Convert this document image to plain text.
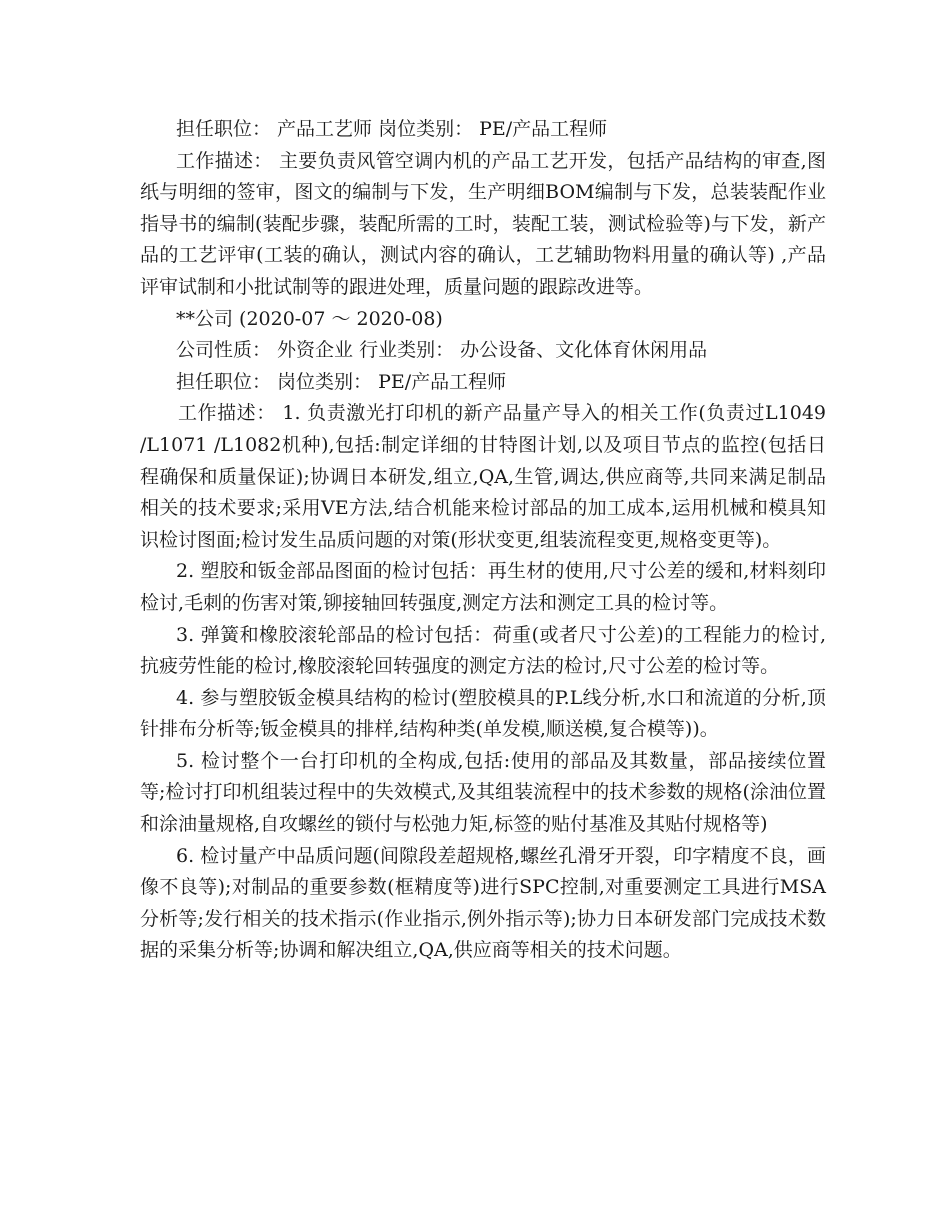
担任职位： 产品工艺师 岗位类别： PE/产品工程师

工作描述： 主要负责风管空调内机的产品工艺开发，包括产品结构的审查,图纸与明细的签审，图文的编制与下发，生产明细BOM编制与下发，总装装配作业指导书的编制(装配步骤，装配所需的工时，装配工装，测试检验等)与下发，新产品的工艺评审(工装的确认，测试内容的确认，工艺辅助物料用量的确认等) ,产品评审试制和小批试制等的跟进处理，质量问题的跟踪改进等。

**公司 (2020-07 ～ 2020-08)

公司性质： 外资企业 行业类别： 办公设备、文化体育休闲用品

担任职位： 岗位类别： PE/产品工程师

工作描述： 1. 负责激光打印机的新产品量产导入的相关工作(负责过L1049 /L1071 /L1082机种),包括:制定详细的甘特图计划,以及项目节点的监控(包括日程确保和质量保证);协调日本研发,组立,QA,生管,调达,供应商等,共同来满足制品相关的技术要求;采用VE方法,结合机能来检讨部品的加工成本,运用机械和模具知识检讨图面;检讨发生品质问题的对策(形状变更,组装流程变更,规格变更等)。

2. 塑胶和钣金部品图面的检讨包括：再生材的使用,尺寸公差的缓和,材料刻印检讨,毛刺的伤害对策,铆接轴回转强度,测定方法和测定工具的检讨等。

3. 弹簧和橡胶滚轮部品的检讨包括：荷重(或者尺寸公差)的工程能力的检讨,抗疲劳性能的检讨,橡胶滚轮回转强度的测定方法的检讨,尺寸公差的检讨等。

4. 参与塑胶钣金模具结构的检讨(塑胶模具的P.L线分析,水口和流道的分析,顶针排布分析等;钣金模具的排样,结构种类(单发模,顺送模,复合模等))。

5. 检讨整个一台打印机的全构成,包括:使用的部品及其数量，部品接续位置等;检讨打印机组装过程中的失效模式,及其组装流程中的技术参数的规格(涂油位置和涂油量规格,自攻螺丝的锁付与松弛力矩,标签的贴付基准及其贴付规格等)

6. 检讨量产中品质问题(间隙段差超规格,螺丝孔滑牙开裂，印字精度不良，画像不良等);对制品的重要参数(框精度等)进行SPC控制,对重要测定工具进行MSA分析等;发行相关的技术指示(作业指示,例外指示等);协力日本研发部门完成技术数据的采集分析等;协调和解决组立,QA,供应商等相关的技术问题。
